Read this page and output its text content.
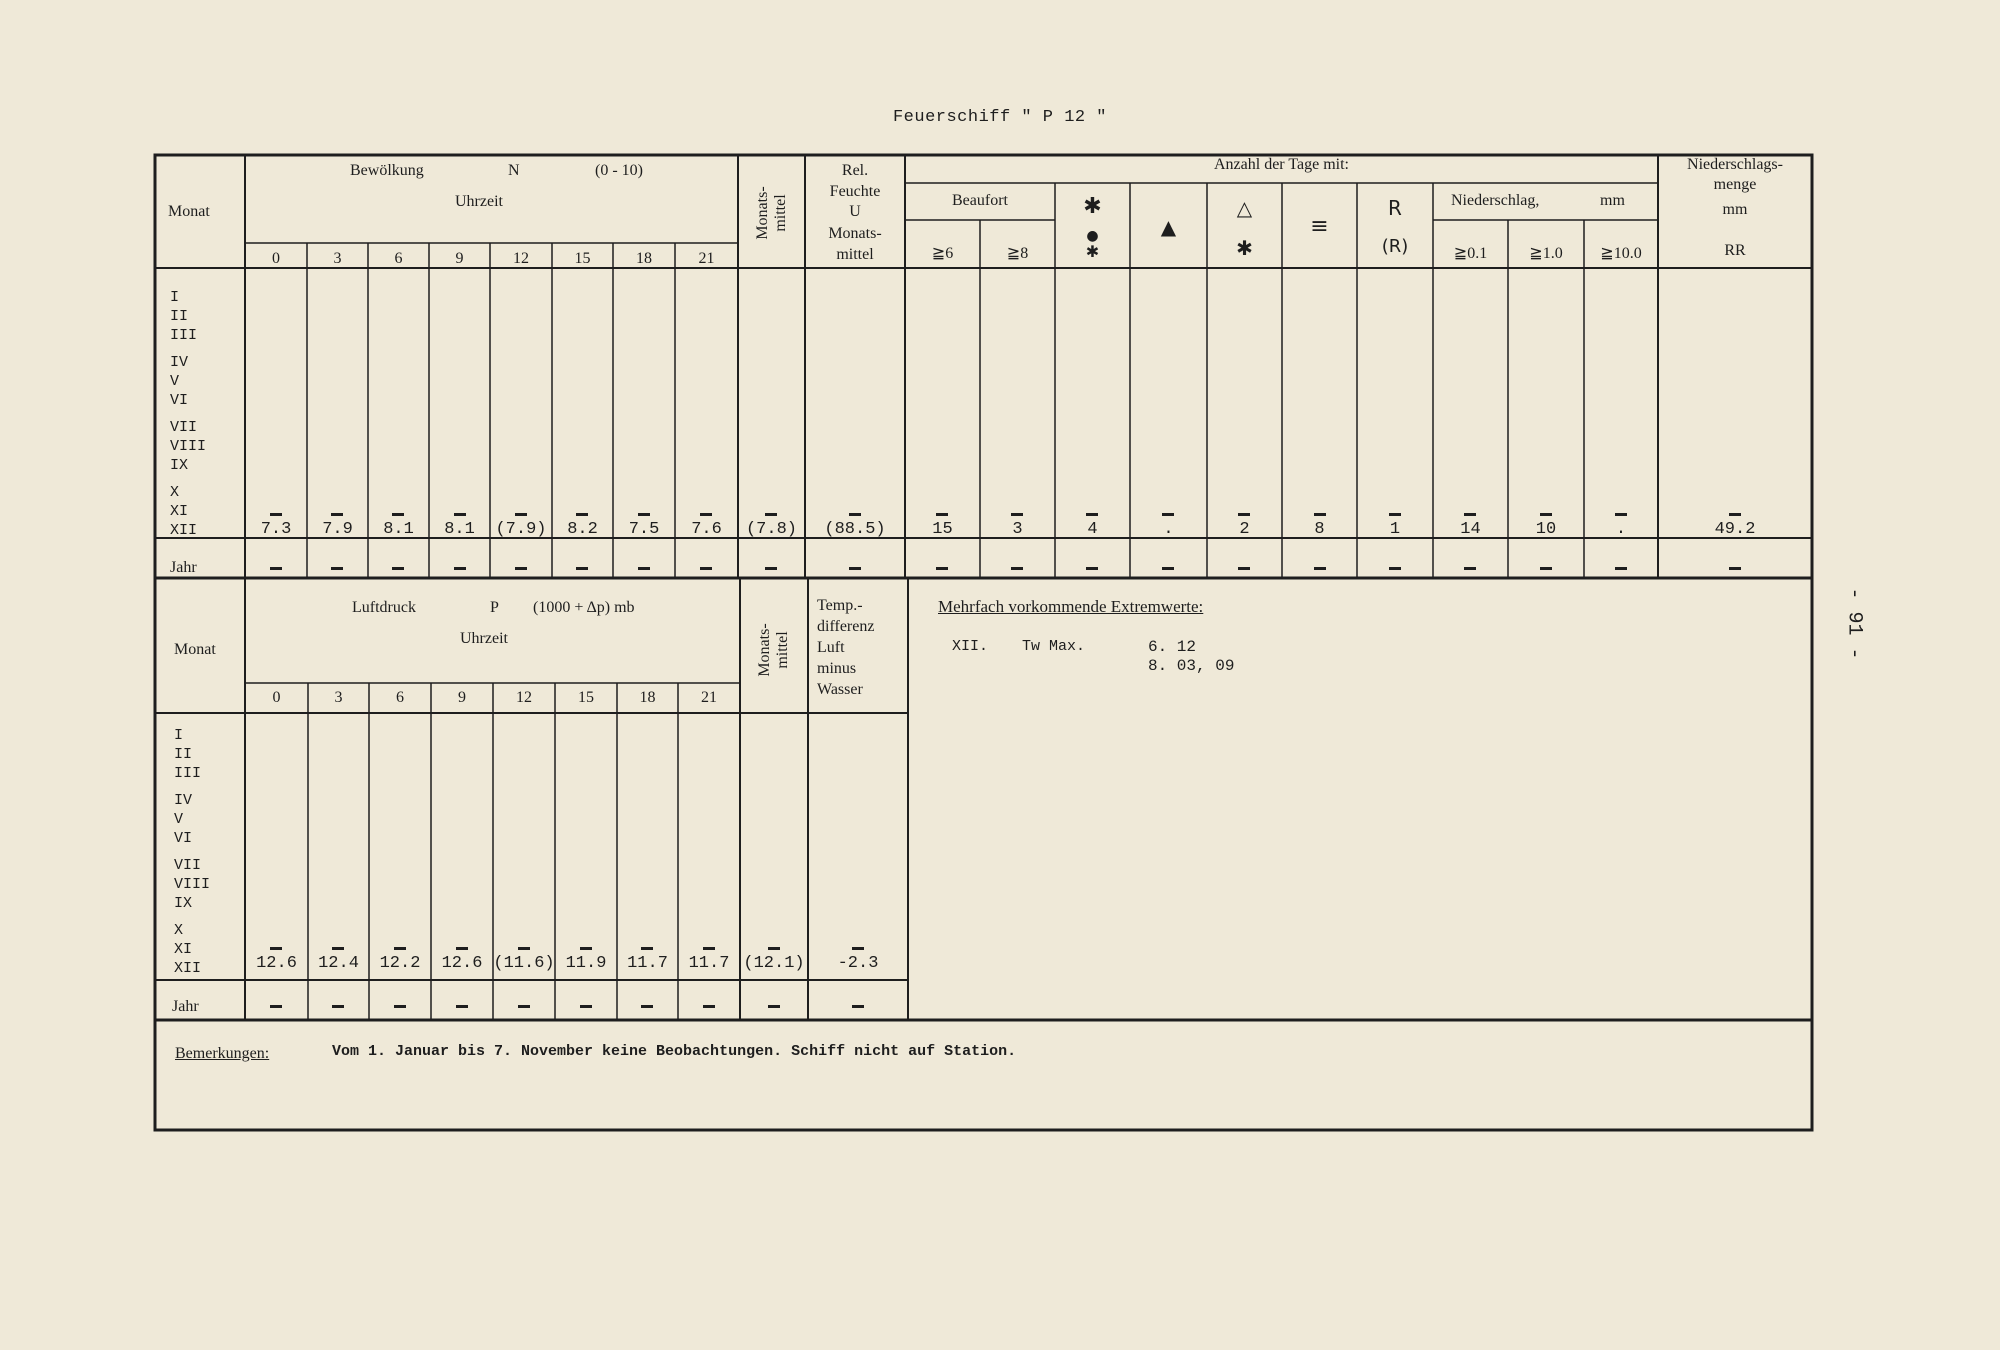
Feuerschiff " P 12 "
- 91 -
Monat
Bewölkung	N	(0 - 10)
Uhrzeit
0	3	6	9	12	15	18	21
Monats-
mittel
Rel.
Feuchte
U
Monats-
mittel
Anzahl der Tage mit:
Beaufort
≧6	≧8
✱
●
✱
▲
△
✱
≡
R
(R)
Niederschlag,	mm
≧0.1	≧1.0	≧10.0
Niederschlags-
menge
mm
RR
I
II
III
IV
V
VI
VII
VIII
IX
X
XI
XII
Jahr
7.3	7.9	8.1	8.1	(7.9)	8.2	7.5	7.6	(7.8)	(88.5)	15	3	4	.	2	8	1	14	10	.	49.2
Monat
Luftdruck	P (1000 + Δp) mb
Uhrzeit
0	3	6	9	12	15	18	21
Monats-
mittel
Temp.-
differenz
Luft
minus
Wasser
I
II
III
IV
V
VI
VII
VIII
IX
X
XI
XII
Jahr
12.6	12.4	12.2	12.6 (11.6) 11.9	11.7	11.7 (12.1)	-2.3
Mehrfach vorkommende Extremwerte:
XII. Tw Max.	6. 12
8. 03, 09
Bemerkungen:	Vom 1. Januar bis 7. November keine Beobachtungen. Schiff nicht auf Station.
